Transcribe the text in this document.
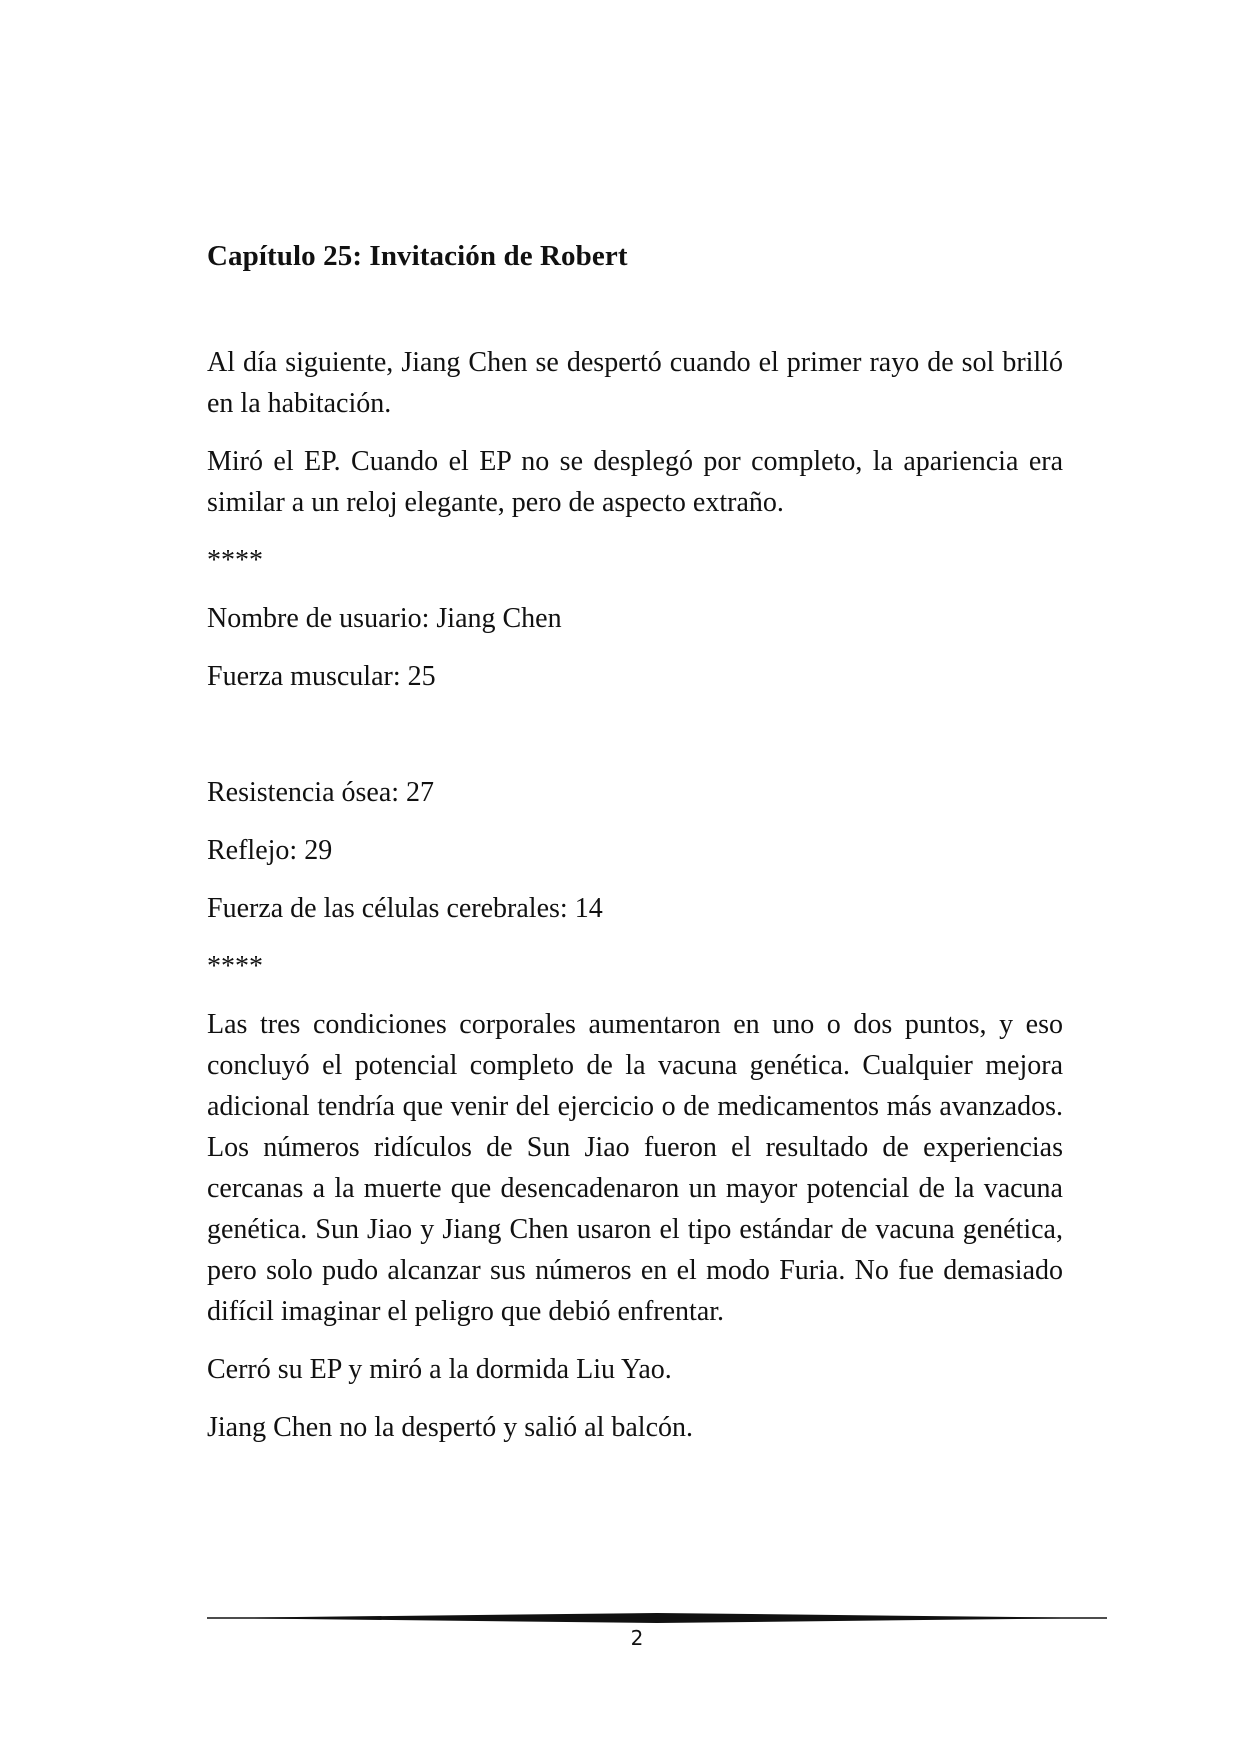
Capítulo 25: Invitación de Robert

Al día siguiente, Jiang Chen se despertó cuando el primer rayo de sol brilló en la habitación.

Miró el EP. Cuando el EP no se desplegó por completo, la apariencia era similar a un reloj elegante, pero de aspecto extraño.

****

Nombre de usuario: Jiang Chen

Fuerza muscular: 25

Resistencia ósea: 27

Reflejo: 29

Fuerza de las células cerebrales: 14

****

Las tres condiciones corporales aumentaron en uno o dos puntos, y eso concluyó el potencial completo de la vacuna genética. Cualquier mejora adicional tendría que venir del ejercicio o de medicamentos más avanzados. Los números ridículos de Sun Jiao fueron el resultado de experiencias cercanas a la muerte que desencadenaron un mayor potencial de la vacuna genética. Sun Jiao y Jiang Chen usaron el tipo estándar de vacuna genética, pero solo pudo alcanzar sus números en el modo Furia. No fue demasiado difícil imaginar el peligro que debió enfrentar.

Cerró su EP y miró a la dormida Liu Yao.

Jiang Chen no la despertó y salió al balcón.

2
